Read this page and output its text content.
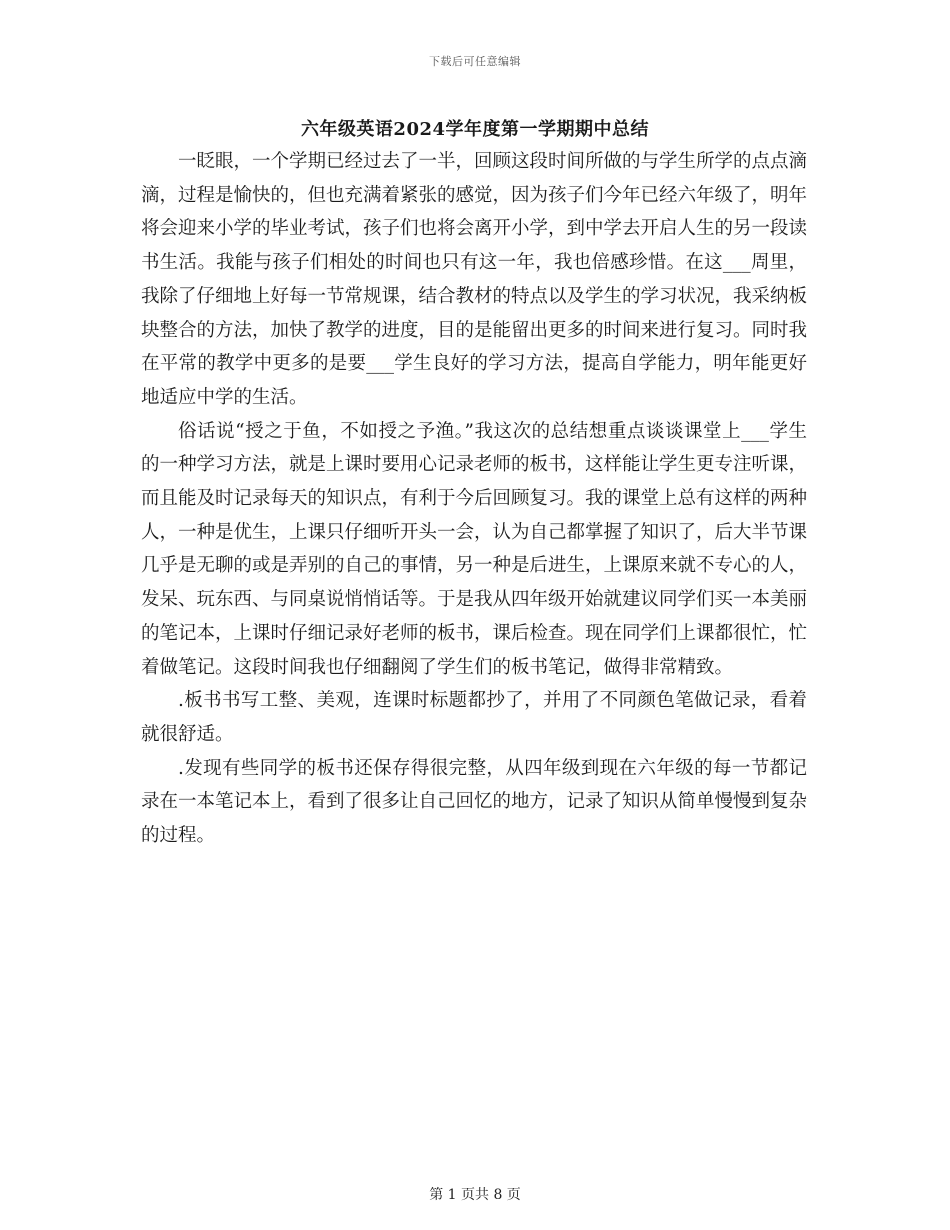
下载后可任意编辑
六年级英语2024学年度第一学期期中总结

一眨眼，一个学期已经过去了一半，回顾这段时间所做的与学生所学的点点滴滴，过程是愉快的，但也充满着紧张的感觉，因为孩子们今年已经六年级了，明年将会迎来小学的毕业考试，孩子们也将会离开小学，到中学去开启人生的另一段读书生活。我能与孩子们相处的时间也只有这一年，我也倍感珍惜。在这___周里，我除了仔细地上好每一节常规课，结合教材的特点以及学生的学习状况，我采纳板块整合的方法，加快了教学的进度，目的是能留出更多的时间来进行复习。同时我在平常的教学中更多的是要___学生良好的学习方法，提高自学能力，明年能更好地适应中学的生活。

俗话说“授之于鱼，不如授之予渔。”我这次的总结想重点谈谈课堂上___学生的一种学习方法，就是上课时要用心记录老师的板书，这样能让学生更专注听课，而且能及时记录每天的知识点，有利于今后回顾复习。我的课堂上总有这样的两种人，一种是优生，上课只仔细听开头一会，认为自己都掌握了知识了，后大半节课几乎是无聊的或是弄别的自己的事情，另一种是后进生，上课原来就不专心的人，发呆、玩东西、与同桌说悄悄话等。于是我从四年级开始就建议同学们买一本美丽的笔记本，上课时仔细记录好老师的板书，课后检查。现在同学们上课都很忙，忙着做笔记。这段时间我也仔细翻阅了学生们的板书笔记，做得非常精致。

.板书书写工整、美观，连课时标题都抄了，并用了不同颜色笔做记录，看着就很舒适。

.发现有些同学的板书还保存得很完整，从四年级到现在六年级的每一节都记录在一本笔记本上，看到了很多让自己回忆的地方，记录了知识从简单慢慢到复杂的过程。

第 1 页共 8 页
